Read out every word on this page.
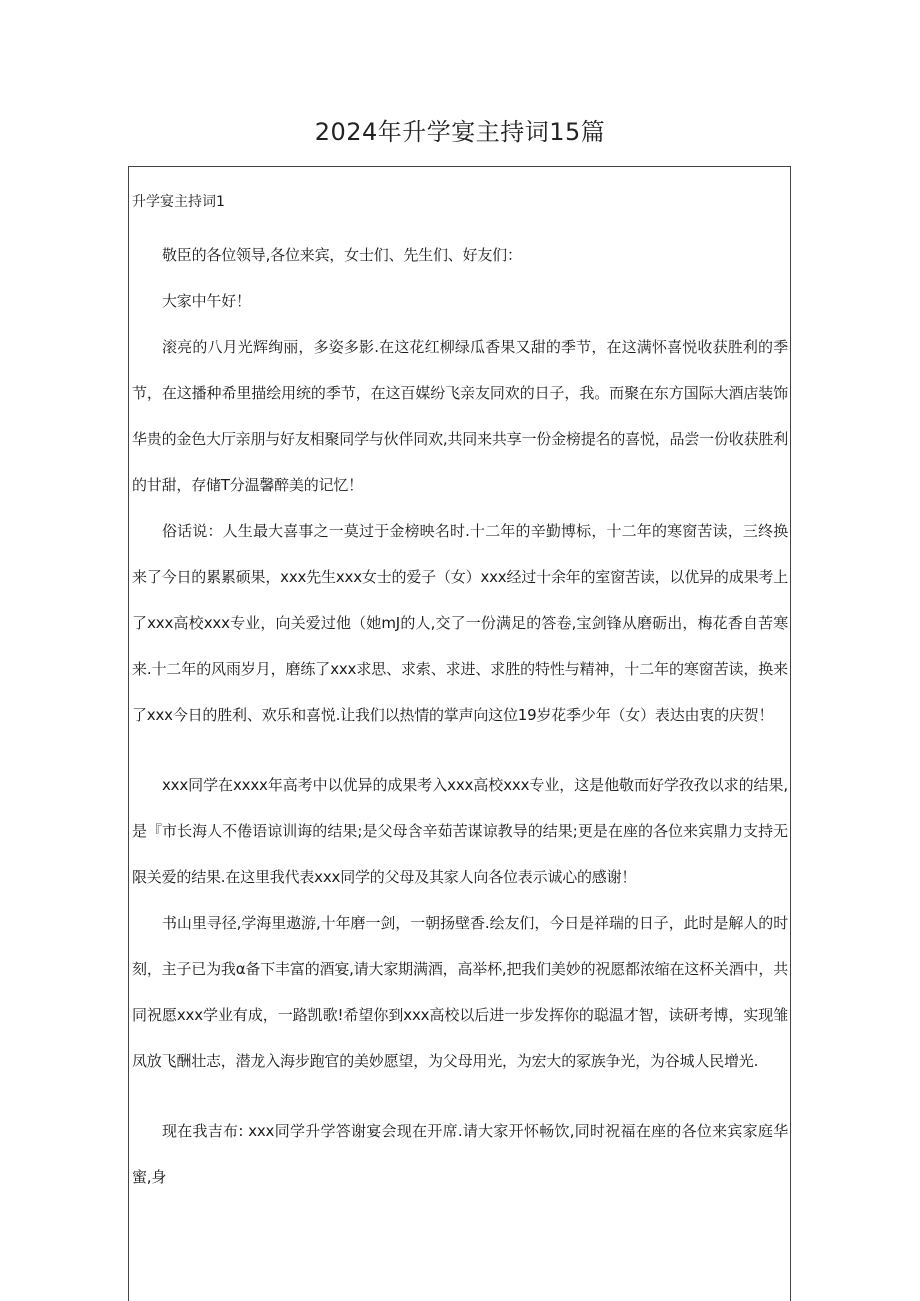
2024年升学宴主持词15篇
升学宴主持词1

敬臣的各位领导,各位来宾，女士们、先生们、好友们：

大家中午好！

滚亮的八月光辉绚丽，多姿多影.在这花红柳绿瓜香果又甜的季节，在这满怀喜悦收获胜利的季节，在这播种希里描绘用统的季节，在这百媒纷飞亲友同欢的日子，我。而聚在东方国际大酒店装饰华贵的金色大厅亲朋与好友相聚同学与伙伴同欢,共同来共享一份金榜提名的喜悦，品尝一份收获胜利的甘甜，存储T分温馨醉美的记忆！

俗话说：人生最大喜事之一莫过于金榜映名时.十二年的辛勤博标，十二年的寒窗苦读，三终换来了今日的累累硕果，xxx先生xxx女士的爱子（女）xxx经过十余年的室窗苦读，以优异的成果考上了xxx高校xxx专业，向关爱过他（她mJ的人,交了一份满足的答卷,宝剑锋从磨砺出，梅花香自苦寒来.十二年的风雨岁月，磨练了xxx求思、求索、求进、求胜的特性与精神，十二年的寒窗苦读，换来了xxx今日的胜利、欢乐和喜悦.让我们以热情的掌声向这位19岁花季少年（女）表达由衷的庆贺！

xxx同学在xxxx年高考中以优异的成果考入xxx高校xxx专业，这是他敬而好学孜孜以求的结果,是『市长海人不倦语谅训诲的结果;是父母含辛茹苦谋谅教导的结果;更是在座的各位来宾鼎力支持无限关爱的结果.在这里我代表xxx同学的父母及其家人向各位表示诚心的感谢！

书山里寻径,学海里遨游,十年磨一剑，一朝扬壁香.绘友们，今日是祥瑞的日子，此时是解人的时刻，主子已为我α备下丰富的酒宴,请大家期满酒，高举杯,把我们美妙的祝愿都浓缩在这杯关酒中，共同祝愿xxx学业有成，一路凯歌!希望你到xxx高校以后进一步发挥你的聪温才智，读研考博，实现雏凤放飞酬壮志，潜龙入海步跑官的美妙愿望，为父母用光，为宏大的冢族争光，为谷城人民增光.

现在我吉布: xxx同学升学答谢宴会现在开席.请大家开怀畅饮,同时祝福在座的各位来宾家庭华蜜,身
